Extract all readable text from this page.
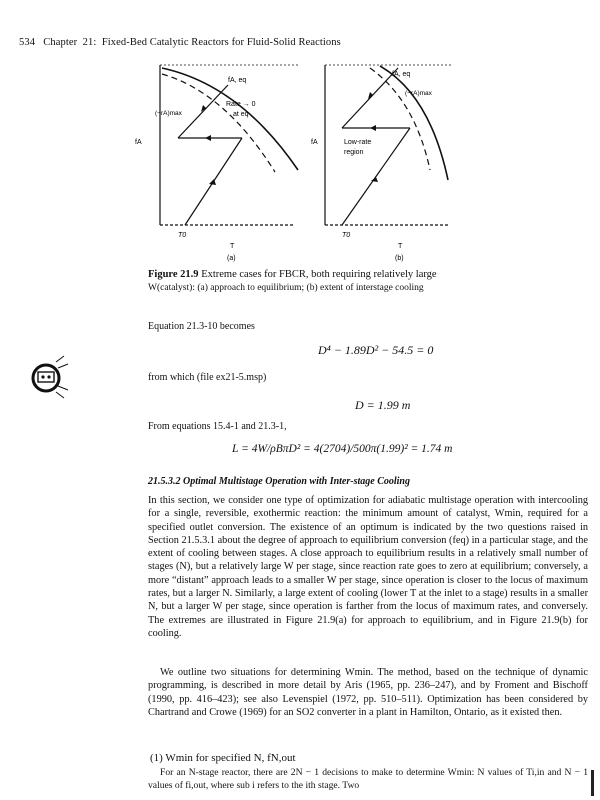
534 Chapter 21: Fixed-Bed Catalytic Reactors for Fluid-Solid Reactions
fA, eq
(−rA)max
Rate → 0
at eq
fA
T0
T
(a)
fA, eq
(−rA)max
Low-rate
region
fA
T0
T
(b)
Figure 21.9 Extreme cases for FBCR, both requiring relatively large
W(catalyst): (a) approach to equilibrium; (b) extent of interstage cooling
Equation 21.3-10 becomes
D⁴ − 1.89D² − 54.5 = 0
from which (file ex21-5.msp)
D = 1.99 m
From equations 15.4-1 and 21.3-1,
L = 4W/ρBπD² = 4(2704)/500π(1.99)² = 1.74 m
21.5.3.2 Optimal Multistage Operation with Inter-stage Cooling

In this section, we consider one type of optimization for adiabatic multistage operation with intercooling for a single, reversible, exothermic reaction: the minimum amount of catalyst, Wmin, required for a specified outlet conversion. The existence of an optimum is indicated by the two questions raised in Section 21.5.3.1 about the degree of approach to equilibrium conversion (feq) in a particular stage, and the extent of cooling between stages. A close approach to equilibrium results in a relatively small number of stages (N), but a relatively large W per stage, since reaction rate goes to zero at equilibrium; conversely, a more “distant” approach leads to a smaller W per stage, since operation is closer to the locus of maximum rates, but a larger N. Similarly, a large extent of cooling (lower T at the inlet to a stage) results in a smaller N, but a larger W per stage, since operation is farther from the locus of maximum rates, and conversely. The extremes are illustrated in Figure 21.9(a) for approach to equilibrium, and in Figure 21.9(b) for cooling.

We outline two situations for determining Wmin. The method, based on the technique of dynamic programming, is described in more detail by Aris (1965, pp. 236–247), and by Froment and Bischoff (1990, pp. 416–423); see also Levenspiel (1972, pp. 510–511). Optimization has been considered by Chartrand and Crowe (1969) for an SO2 converter in a plant in Hamilton, Ontario, as it existed then.

(1) Wmin for specified N, fN,out

For an N-stage reactor, there are 2N − 1 decisions to make to determine Wmin: N values of Ti,in and N − 1 values of fi,out, where sub i refers to the ith stage. Two
